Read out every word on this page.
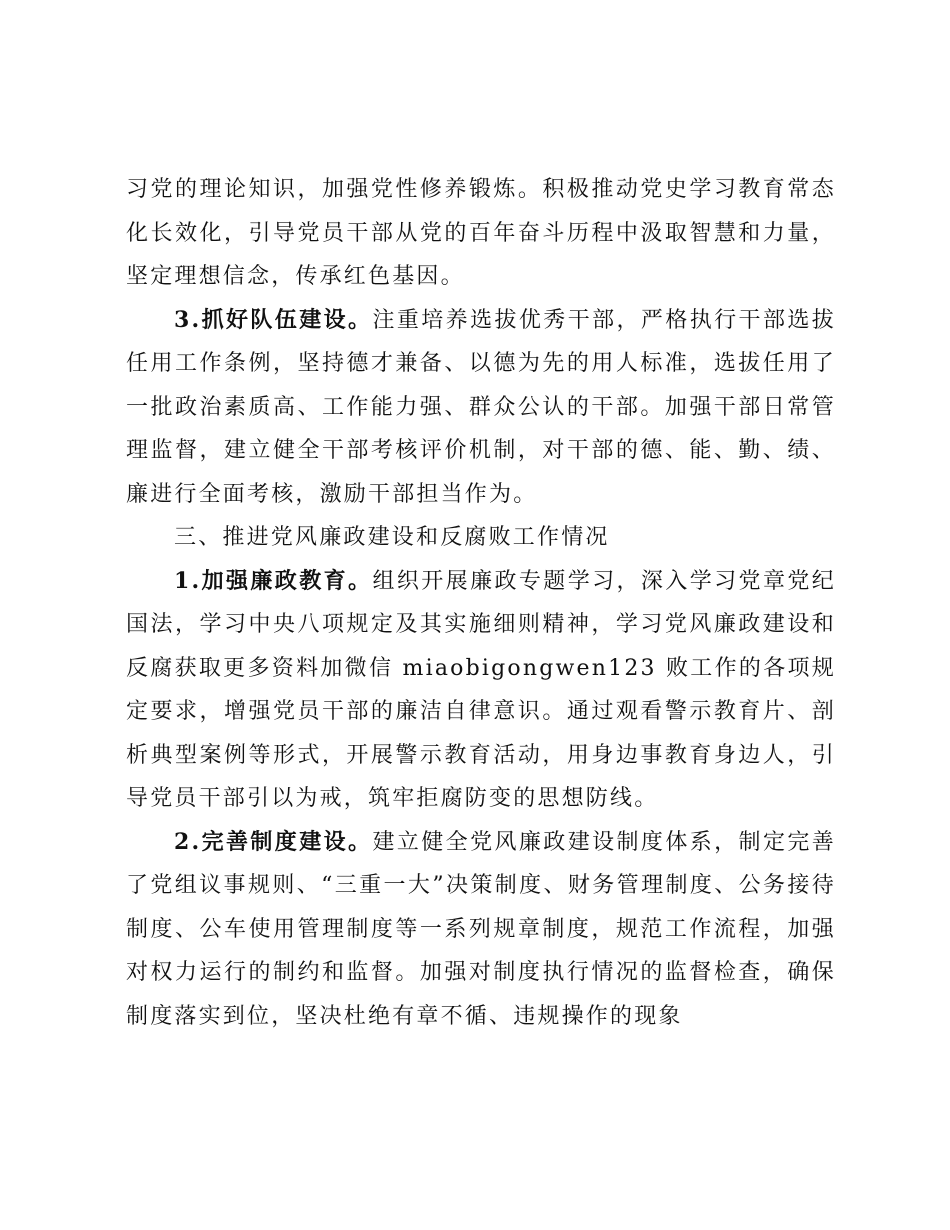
习党的理论知识，加强党性修养锻炼。积极推动党史学习教育常态化长效化，引导党员干部从党的百年奋斗历程中汲取智慧和力量，坚定理想信念，传承红色基因。

3.抓好队伍建设。注重培养选拔优秀干部，严格执行干部选拔任用工作条例，坚持德才兼备、以德为先的用人标准，选拔任用了一批政治素质高、工作能力强、群众公认的干部。加强干部日常管理监督，建立健全干部考核评价机制，对干部的德、能、勤、绩、廉进行全面考核，激励干部担当作为。

三、推进党风廉政建设和反腐败工作情况

1.加强廉政教育。组织开展廉政专题学习，深入学习党章党纪国法，学习中央八项规定及其实施细则精神，学习党风廉政建设和反腐获取更多资料加微信 miaobigongwen123 败工作的各项规定要求，增强党员干部的廉洁自律意识。通过观看警示教育片、剖析典型案例等形式，开展警示教育活动，用身边事教育身边人，引导党员干部引以为戒，筑牢拒腐防变的思想防线。

2.完善制度建设。建立健全党风廉政建设制度体系，制定完善了党组议事规则、“三重一大”决策制度、财务管理制度、公务接待制度、公车使用管理制度等一系列规章制度，规范工作流程，加强对权力运行的制约和监督。加强对制度执行情况的监督检查，确保制度落实到位，坚决杜绝有章不循、违规操作的现象
